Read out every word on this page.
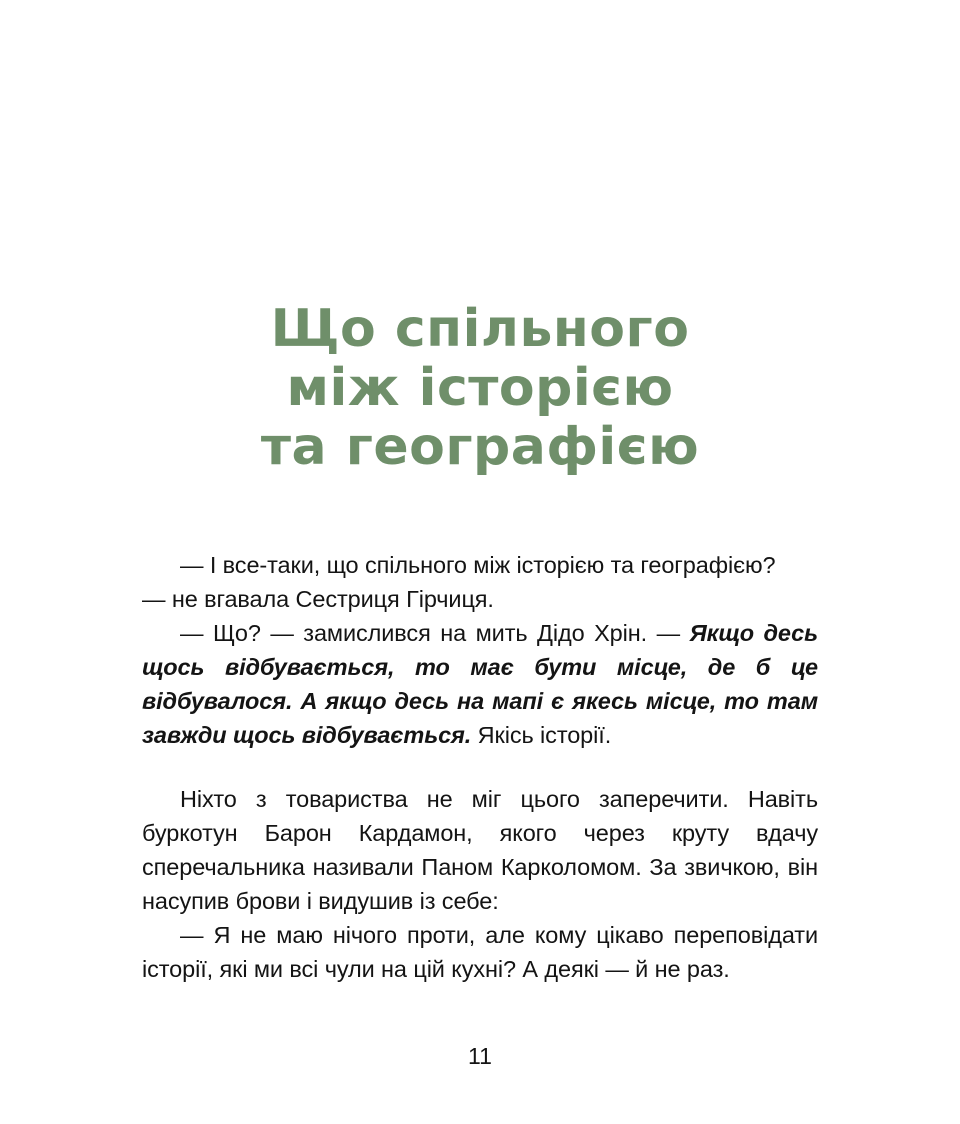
Що спільного
між історією
та географією

— І все-таки, що спільного між історією та географією?
— не вгавала Сестриця Гірчиця.

— Що? — замислився на мить Дідо Хрін. — Якщо десь щось відбувається, то має бути місце, де б це відбувалося. А якщо десь на мапі є якесь місце, то там завжди щось відбувається. Якісь історії.

Ніхто з товариства не міг цього заперечити. Навіть буркотун Барон Кардамон, якого через круту вдачу сперечальника називали Паном Карколомом. За звичкою, він насупив брови і видушив із себе:

— Я не маю нічого проти, але кому цікаво переповідати історії, які ми всі чули на цій кухні? А деякі — й не раз.

11
